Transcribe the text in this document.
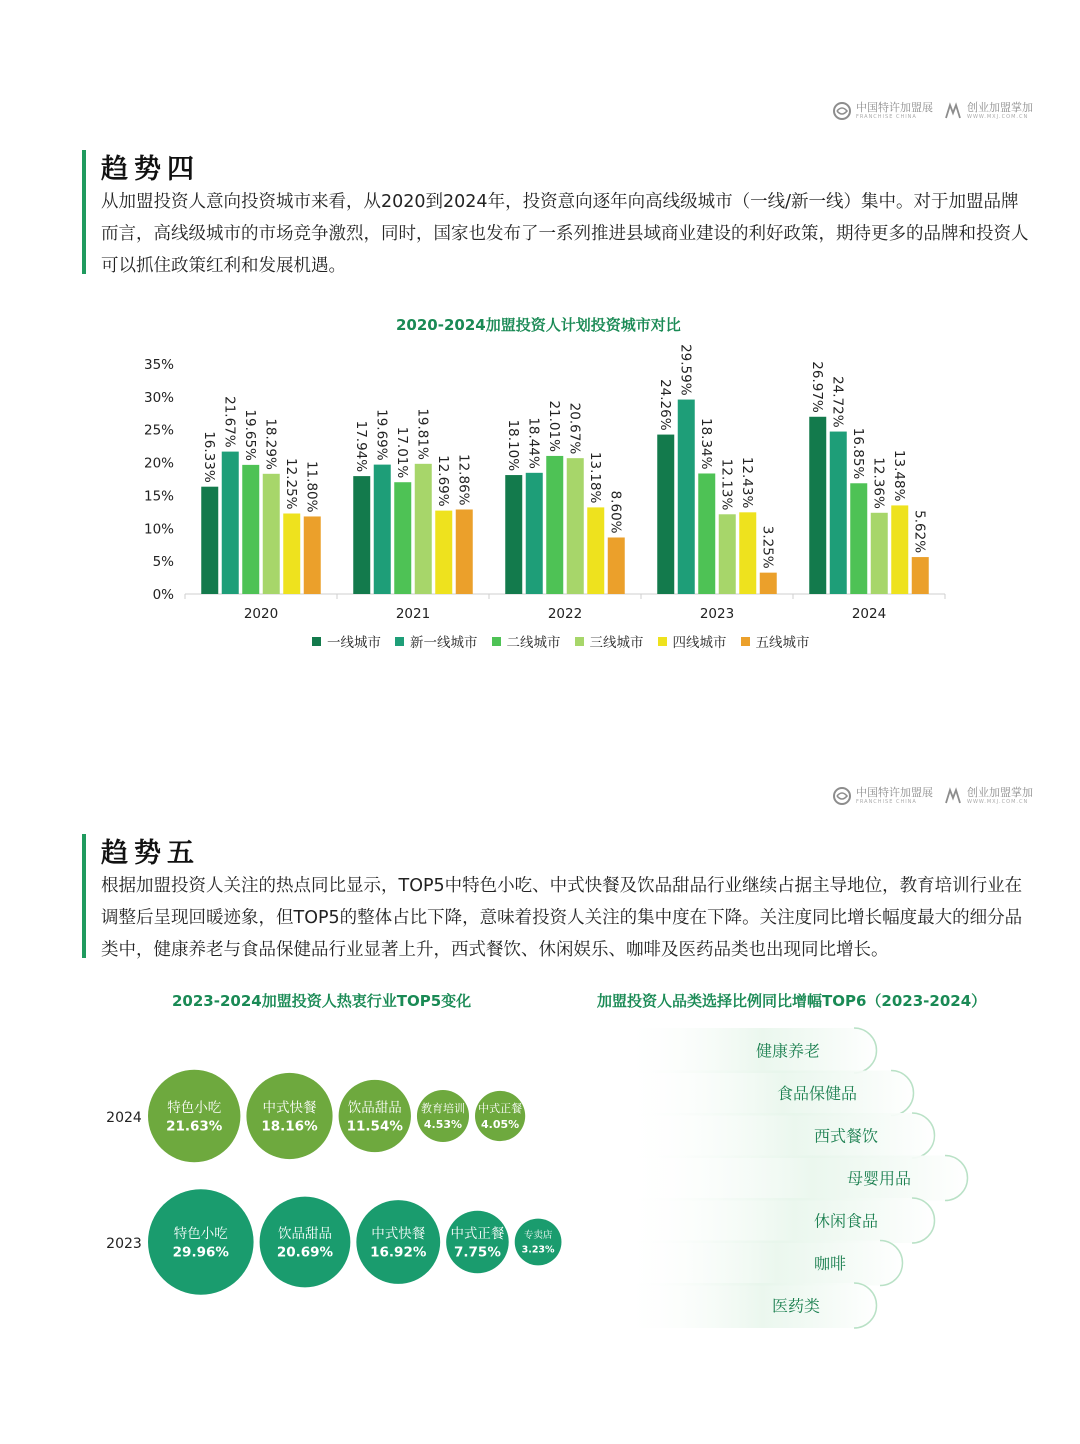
中国特许加盟展
FRANCHISE CHINA
创业加盟掌加
WWW.MXJ.COM.CN
趋势四

从加盟投资人意向投资城市来看，从2020到2024年，投资意向逐年向高线级城市（一线/新一线）集中。对于加盟品牌而言，高线级城市的市场竞争激烈，同时，国家也发布了一系列推进县域商业建设的利好政策，期待更多的品牌和投资人可以抓住政策红利和发展机遇。

2020-2024加盟投资人计划投资城市对比
0%
5%
10%
15%
20%
25%
30%
35%
2020	2021	2022	2023	2024
16.33%
21.67% 19.65% 18.29%
12.25% 11.80%
17.94% 19.69% 17.01% 19.81%
12.69% 12.86%
18.10% 18.44% 21.01% 20.67%
13.18%
8.60%
24.26%
29.59%
18.34%
12.13% 12.43%
3.25%
26.97% 24.72%
16.85%
12.36% 13.48%
5.62%
一线城市 新一线城市 二线城市 三线城市 四线城市 五线城市
中国特许加盟展
FRANCHISE CHINA
创业加盟掌加
WWW.MXJ.COM.CN
趋势五

根据加盟投资人关注的热点同比显示，TOP5中特色小吃、中式快餐及饮品甜品行业继续占据主导地位，教育培训行业在调整后呈现回暖迹象，但TOP5的整体占比下降，意味着投资人关注的集中度在下降。关注度同比增长幅度最大的细分品类中，健康养老与食品保健品行业显著上升，西式餐饮、休闲娱乐、咖啡及医药品类也出现同比增长。

2023-2024加盟投资人热衷行业TOP5变化	加盟投资人品类选择比例同比增幅TOP6（2023-2024）
2024
特色小吃
21.63%
中式快餐
18.16%
饮品甜品
11.54%
教育培训
4.53%
中式正餐
4.05%
2023
特色小吃
29.96%
饮品甜品
20.69%
中式快餐
16.92%
中式正餐
7.75%
专卖店
3.23%
健康养老
食品保健品
西式餐饮
母婴用品
休闲食品
咖啡
医药类
